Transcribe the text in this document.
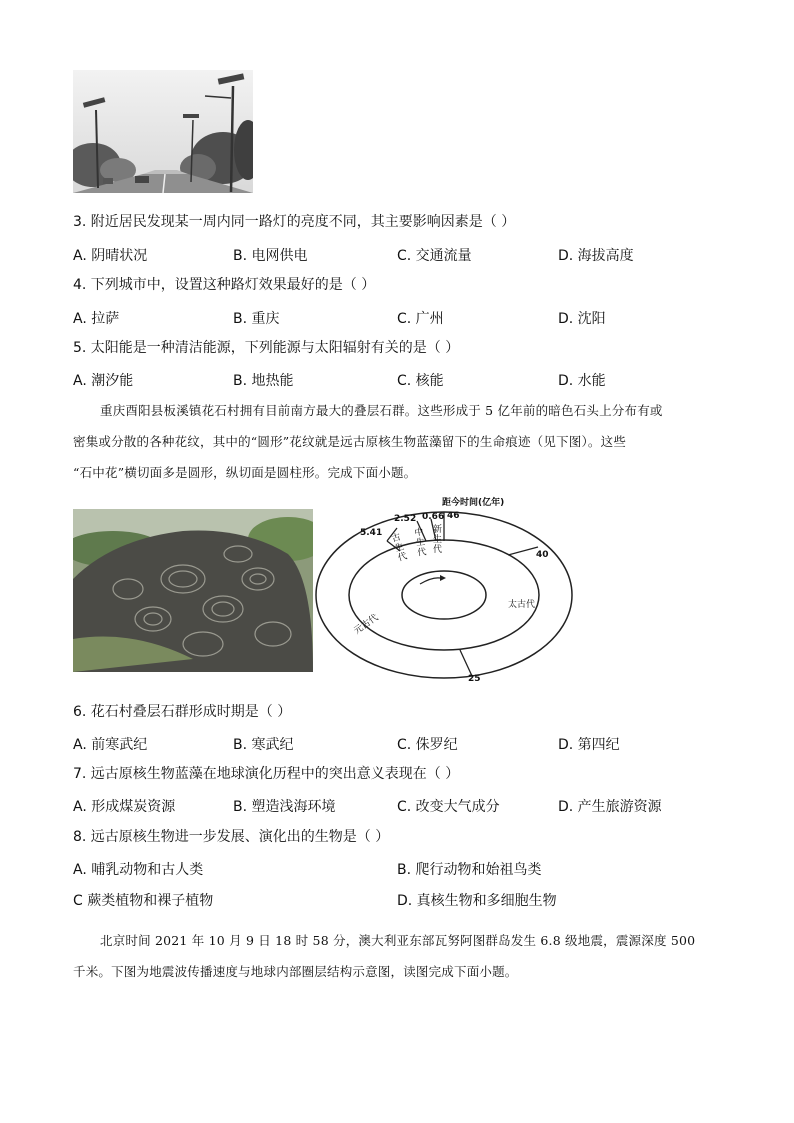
3. 附近居民发现某一周内同一路灯的亮度不同，其主要影响因素是（ ）
A. 阴晴状况	B. 电网供电	C. 交通流量	D. 海拔高度
4. 下列城市中，设置这种路灯效果最好的是（ ）
A. 拉萨	B. 重庆	C. 广州	D. 沈阳
5. 太阳能是一种清洁能源，下列能源与太阳辐射有关的是（ ）
A. 潮汐能	B. 地热能	C. 核能	D. 水能
重庆酉阳县板溪镇花石村拥有目前南方最大的叠层石群。这些形成于 5 亿年前的暗色石头上分布有或
密集或分散的各种花纹，其中的“圆形”花纹就是远古原核生物蓝藻留下的生命痕迹（见下图）。这些
“石中花”横切面多是圆形，纵切面是圆柱形。完成下面小题。
距今时间(亿年)
5.41
2.52 0.66 46
40
25
古生代
中生代
新生代
太古代
元古代
6. 花石村叠层石群形成时期是（ ）
A. 前寒武纪	B. 寒武纪	C. 侏罗纪	D. 第四纪
7. 远古原核生物蓝藻在地球演化历程中的突出意义表现在（ ）
A. 形成煤炭资源	B. 塑造浅海环境	C. 改变大气成分	D. 产生旅游资源
8. 远古原核生物进一步发展、演化出的生物是（ ）
A. 哺乳动物和古人类	B. 爬行动物和始祖鸟类
C 蕨类植物和裸子植物	D. 真核生物和多细胞生物
北京时间 2021 年 10 月 9 日 18 时 58 分，澳大利亚东部瓦努阿图群岛发生 6.8 级地震，震源深度 500
千米。下图为地震波传播速度与地球内部圈层结构示意图，读图完成下面小题。
